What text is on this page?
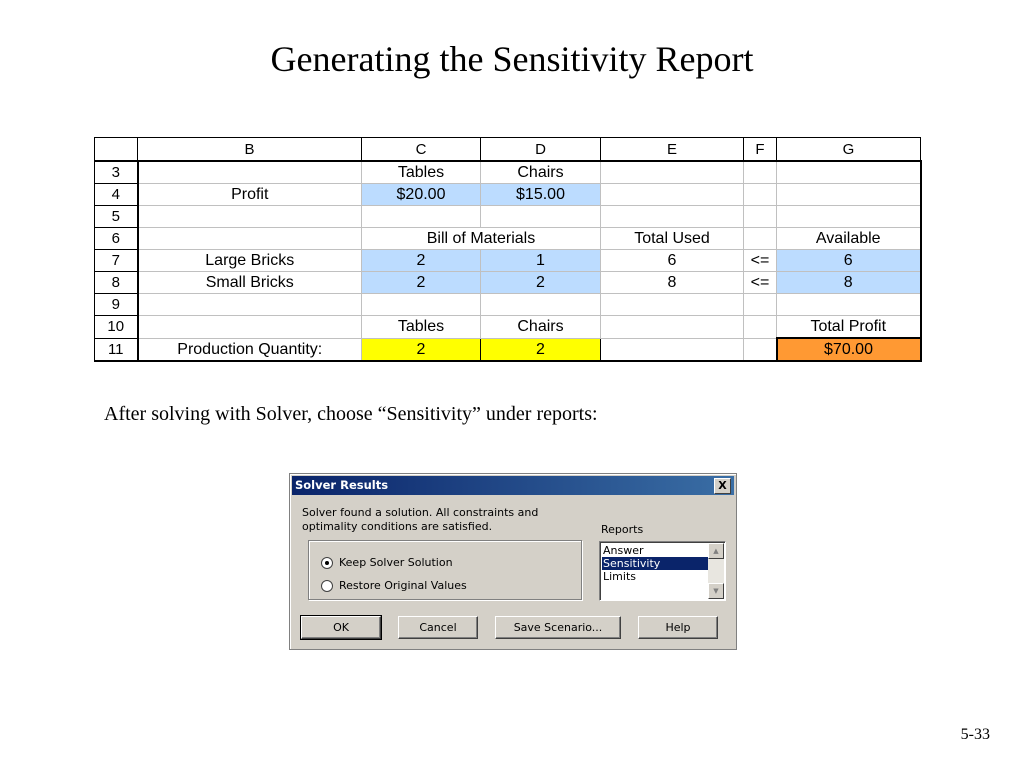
Generating the Sensitivity Report
	B	C	D	E	F	G
3		Tables	Chairs			
4	Profit	$20.00	$15.00			
5						
6		Bill of Materials		Total Used		Available
7	Large Bricks	2	1	6	<=	6
8	Small Bricks	2	2	8	<=	8
9						
10		Tables	Chairs			Total Profit
11	Production Quantity:	2	2			$70.00
After solving with Solver, choose “Sensitivity” under reports:
Solver Results	X
Solver found a solution. All constraints and optimality conditions are satisfied.
Keep Solver Solution
Restore Original Values
Reports
Answer
Sensitivity
Limits
▲
▼
OK	Cancel	Save Scenario...	Help
5-33
